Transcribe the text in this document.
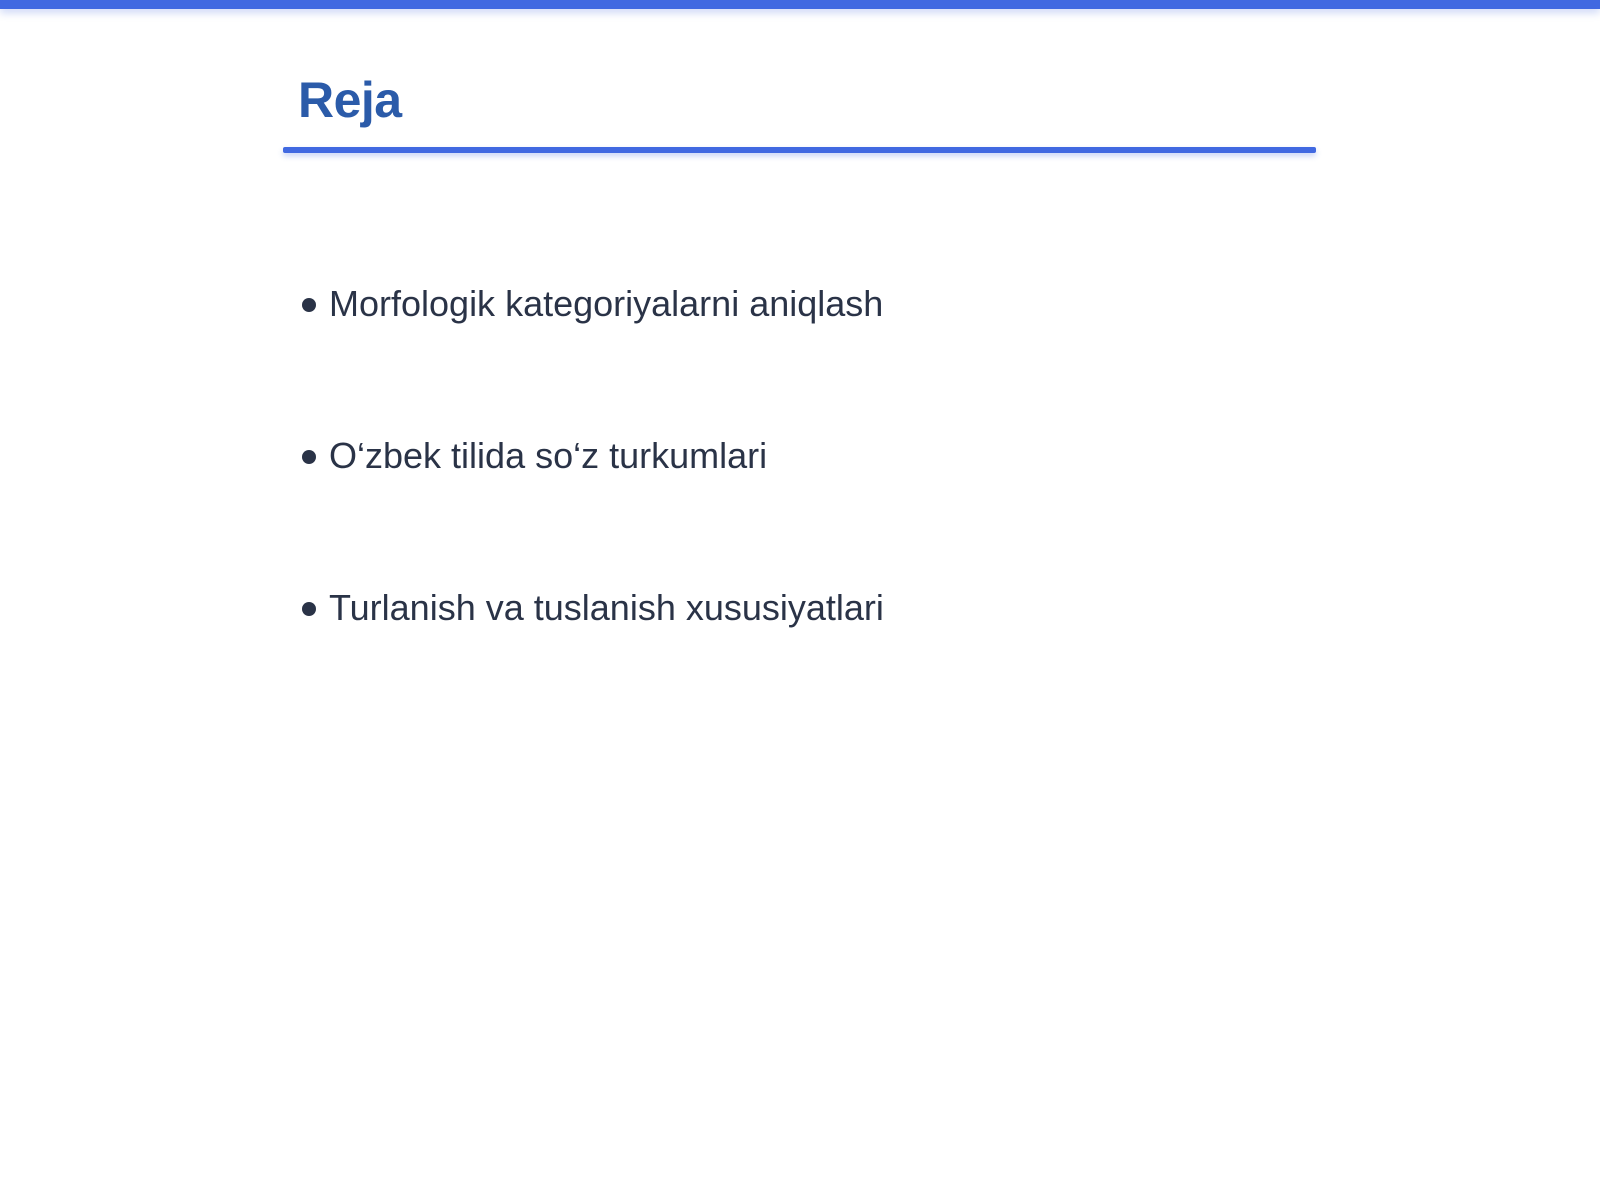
Reja
Morfologik kategoriyalarni aniqlash
O‘zbek tilida so‘z turkumlari
Turlanish va tuslanish xususiyatlari
